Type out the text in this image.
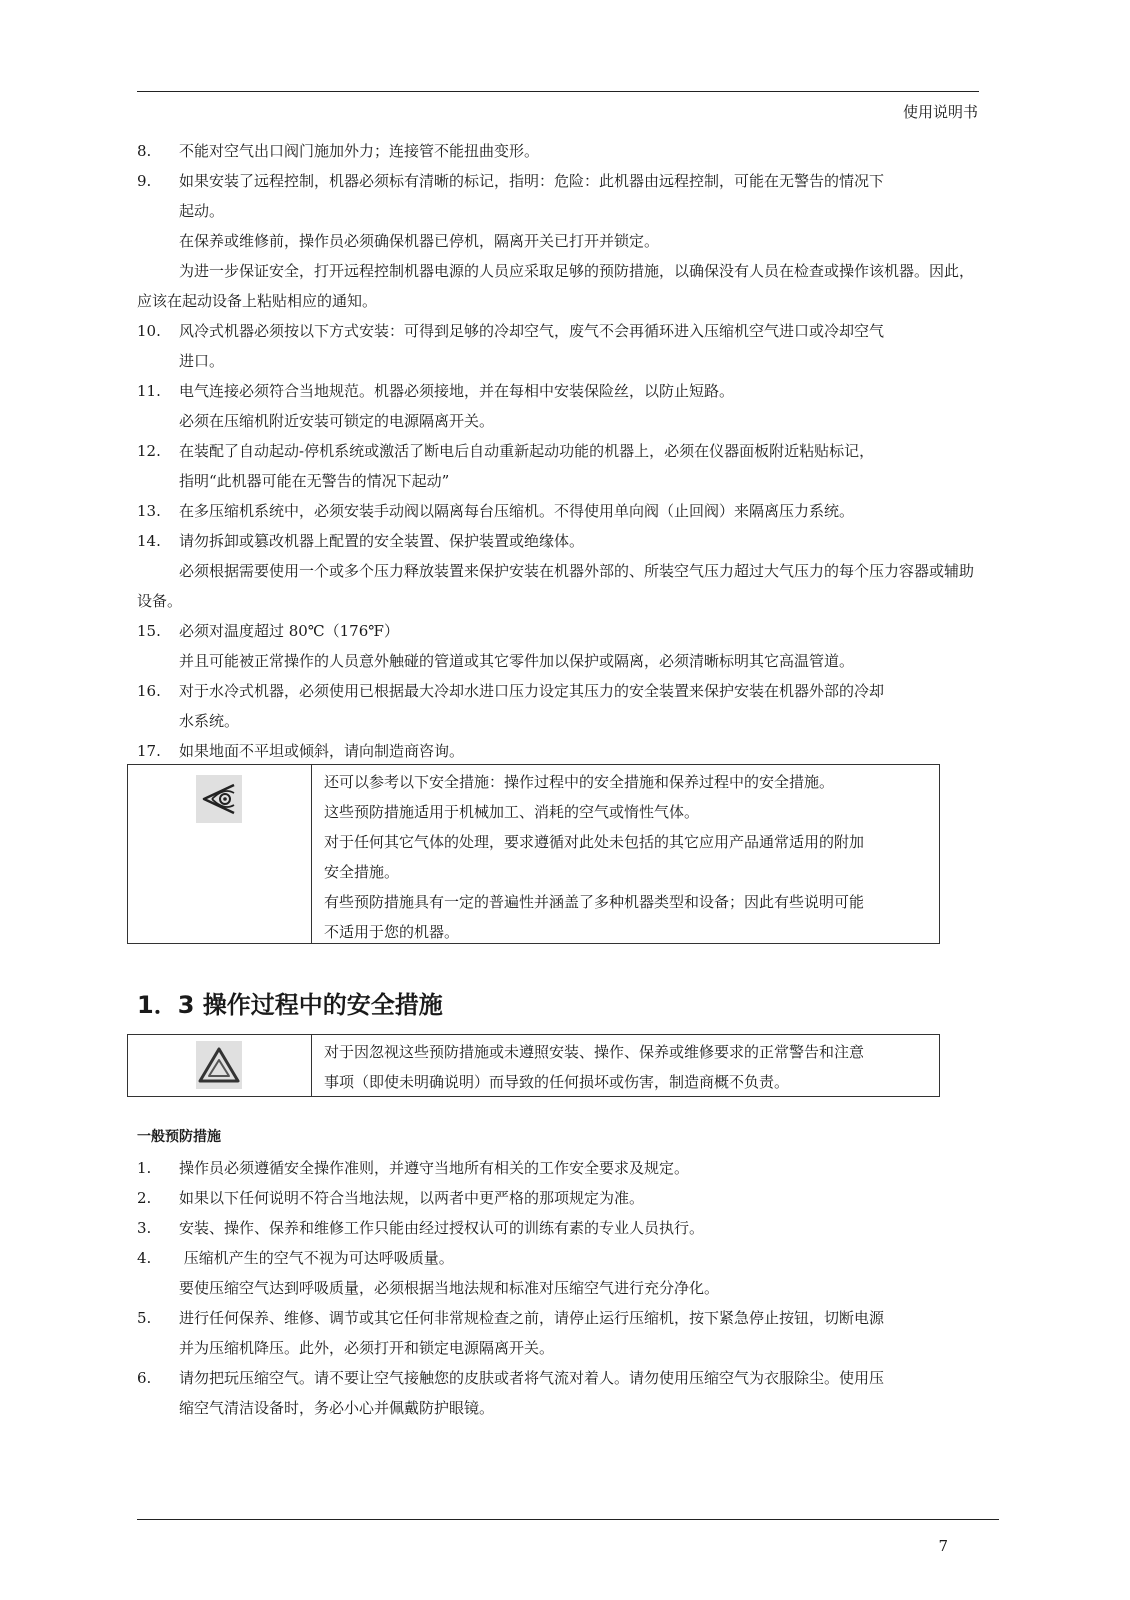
使用说明书
8. 不能对空气出口阀门施加外力；连接管不能扭曲变形。
9. 如果安装了远程控制，机器必须标有清晰的标记，指明：危险：此机器由远程控制，可能在无警告的情况下
起动。
在保养或维修前，操作员必须确保机器已停机，隔离开关已打开并锁定。
为进一步保证安全，打开远程控制机器电源的人员应采取足够的预防措施，以确保没有人员在检查或操作该机器。因此，应该在起动设备上粘贴相应的通知。
10. 风冷式机器必须按以下方式安装：可得到足够的冷却空气，废气不会再循环进入压缩机空气进口或冷却空气
进口。
11. 电气连接必须符合当地规范。机器必须接地，并在每相中安装保险丝，以防止短路。
必须在压缩机附近安装可锁定的电源隔离开关。
12. 在装配了自动起动-停机系统或激活了断电后自动重新起动功能的机器上，必须在仪器面板附近粘贴标记，
指明“此机器可能在无警告的情况下起动”
13. 在多压缩机系统中，必须安装手动阀以隔离每台压缩机。不得使用单向阀（止回阀）来隔离压力系统。
14. 请勿拆卸或篡改机器上配置的安全装置、保护装置或绝缘体。
必须根据需要使用一个或多个压力释放装置来保护安装在机器外部的、所装空气压力超过大气压力的每个压力容器或辅助设备。
15. 必须对温度超过 80℃（176℉）
并且可能被正常操作的人员意外触碰的管道或其它零件加以保护或隔离，必须清晰标明其它高温管道。
16. 对于水冷式机器，必须使用已根据最大冷却水进口压力设定其压力的安全装置来保护安装在机器外部的冷却
水系统。
17. 如果地面不平坦或倾斜，请向制造商咨询。
还可以参考以下安全措施：操作过程中的安全措施和保养过程中的安全措施。
这些预防措施适用于机械加工、消耗的空气或惰性气体。
对于任何其它气体的处理，要求遵循对此处未包括的其它应用产品通常适用的附加
安全措施。
有些预防措施具有一定的普遍性并涵盖了多种机器类型和设备；因此有些说明可能
不适用于您的机器。
1．3 操作过程中的安全措施
对于因忽视这些预防措施或未遵照安装、操作、保养或维修要求的正常警告和注意
事项（即使未明确说明）而导致的任何损坏或伤害，制造商概不负责。
一般预防措施
1. 操作员必须遵循安全操作准则，并遵守当地所有相关的工作安全要求及规定。
2. 如果以下任何说明不符合当地法规，以两者中更严格的那项规定为准。
3. 安装、操作、保养和维修工作只能由经过授权认可的训练有素的专业人员执行。
4. 压缩机产生的空气不视为可达呼吸质量。
要使压缩空气达到呼吸质量，必须根据当地法规和标准对压缩空气进行充分净化。
5. 进行任何保养、维修、调节或其它任何非常规检查之前，请停止运行压缩机，按下紧急停止按钮，切断电源
并为压缩机降压。此外，必须打开和锁定电源隔离开关。
6. 请勿把玩压缩空气。请不要让空气接触您的皮肤或者将气流对着人。请勿使用压缩空气为衣服除尘。使用压
缩空气清洁设备时，务必小心并佩戴防护眼镜。
7
